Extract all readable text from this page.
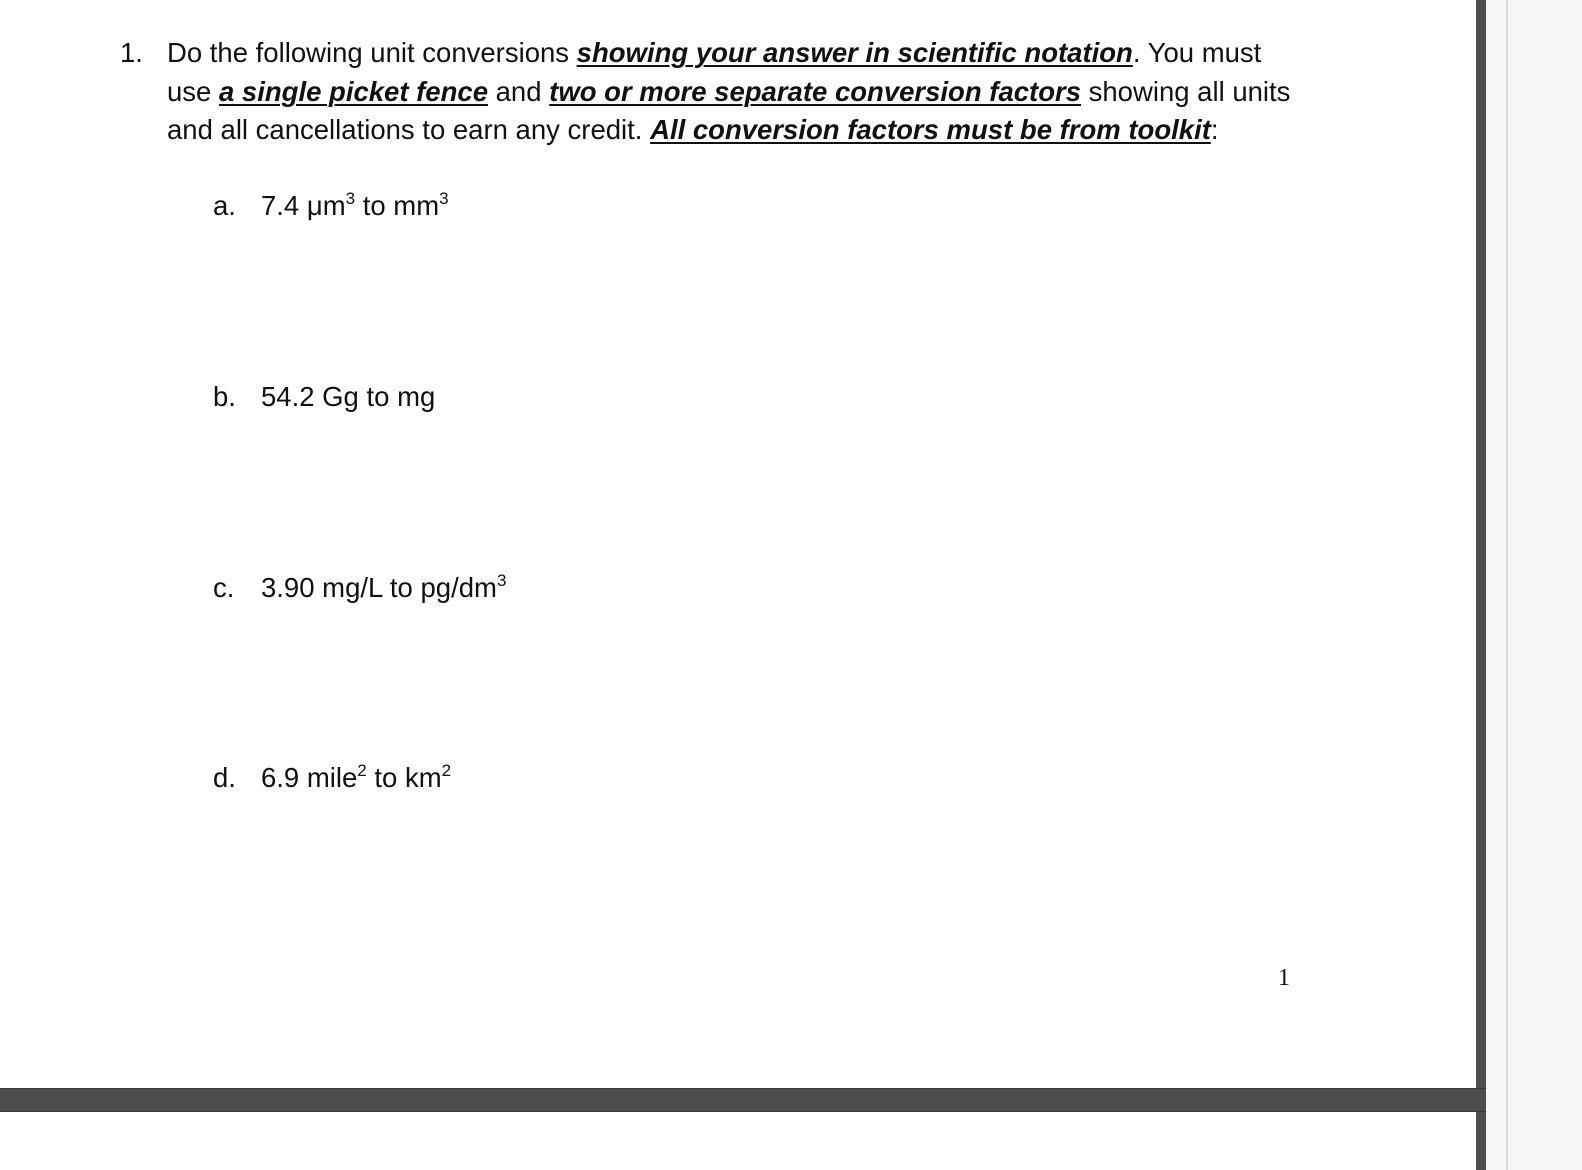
1. Do the following unit conversions showing your answer in scientific notation. You must
use a single picket fence and two or more separate conversion factors showing all units
and all cancellations to earn any credit. All conversion factors must be from toolkit:
a. 7.4 $\mu m^3$ to $mm^3$
b. 54.2 Gg to mg
c. 3.90 mg/L to $pg/dm^3$
d. 6.9 mile$^2$ to $km^2$
1
